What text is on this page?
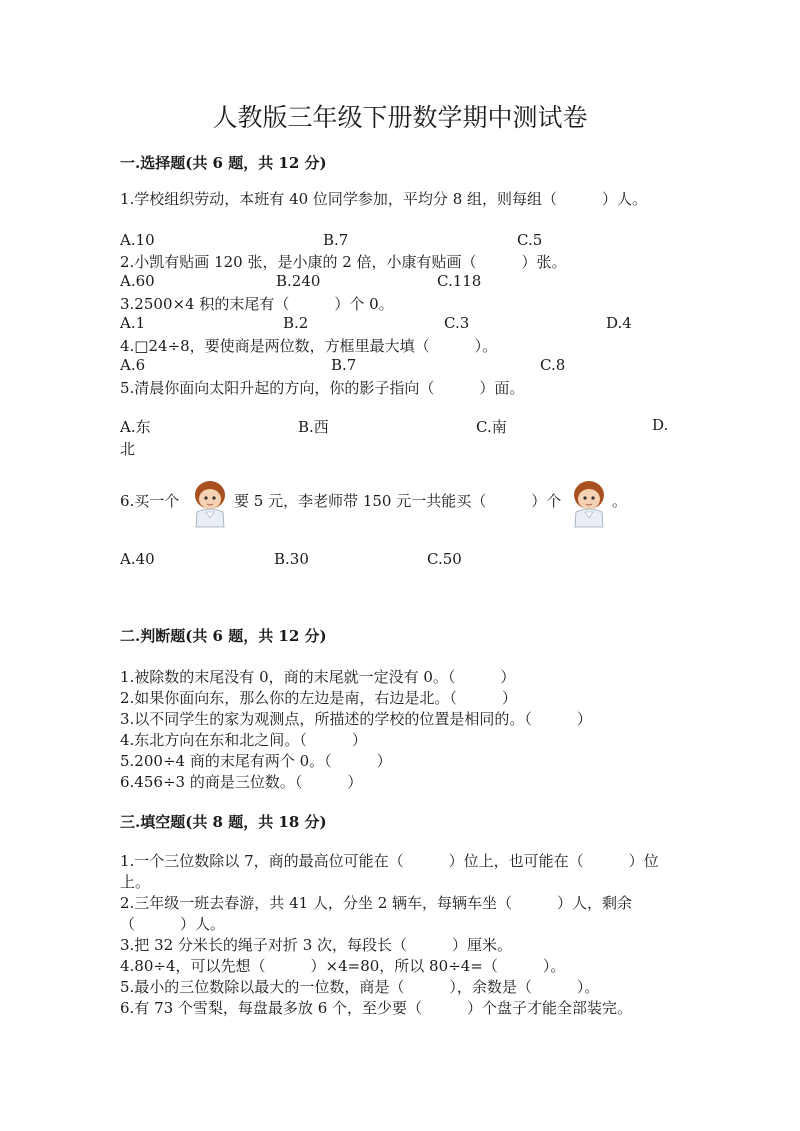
人教版三年级下册数学期中测试卷
一.选择题(共 6 题，共 12 分)
1.学校组织劳动，本班有 40 位同学参加，平均分 8 组，则每组（　　　）人。
A.10	B.7	C.5
2.小凯有贴画 120 张，是小康的 2 倍，小康有贴画（　　　）张。
A.60	B.240	C.118
3.2500×4 积的末尾有（　　　）个 0。
A.1	B.2	C.3	D.4
4.□24÷8，要使商是两位数，方框里最大填（　　　）。
A.6	B.7	C.8
5.清晨你面向太阳升起的方向，你的影子指向（　　　）面。
A.东	B.西	C.南	D.
北
6.买一个	要 5 元，李老师带 150 元一共能买（　　　）个	。
A.40	B.30	C.50
二.判断题(共 6 题，共 12 分)
1.被除数的末尾没有 0，商的末尾就一定没有 0。（　　　）
2.如果你面向东，那么你的左边是南，右边是北。（　　　）
3.以不同学生的家为观测点，所描述的学校的位置是相同的。（　　　）
4.东北方向在东和北之间。（　　　）
5.200÷4 商的末尾有两个 0。（　　　）
6.456÷3 的商是三位数。（　　　）
三.填空题(共 8 题，共 18 分)
1.一个三位数除以 7，商的最高位可能在（　　　）位上，也可能在（　　　）位
上。
2.三年级一班去春游，共 41 人，分坐 2 辆车，每辆车坐（　　　）人，剩余
（　　　）人。
3.把 32 分米长的绳子对折 3 次，每段长（　　　）厘米。
4.80÷4，可以先想（　　　）×4=80，所以 80÷4=（　　　）。
5.最小的三位数除以最大的一位数，商是（　　　），余数是（　　　）。
6.有 73 个雪梨，每盘最多放 6 个，至少要（　　　）个盘子才能全部装完。
